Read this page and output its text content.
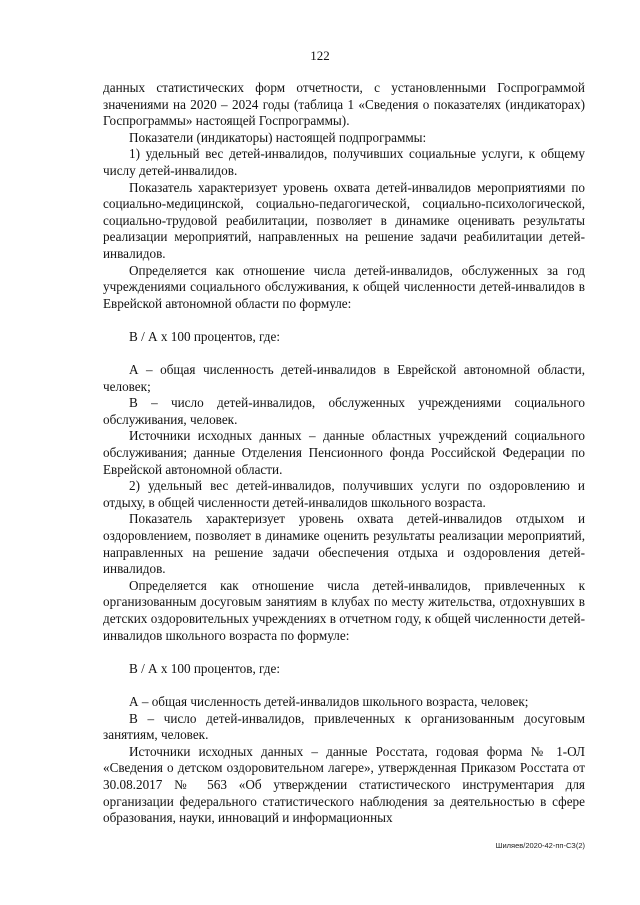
122

данных статистических форм отчетности, с установленными Госпрограммой значениями на 2020 – 2024 годы (таблица 1 «Сведения о показателях (индикаторах) Госпрограммы» настоящей Госпрограммы).

Показатели (индикаторы) настоящей подпрограммы:

1) удельный вес детей-инвалидов, получивших социальные услуги, к общему числу детей-инвалидов.

Показатель характеризует уровень охвата детей-инвалидов мероприятиями по социально-медицинской, социально-педагогической, социально-психологической, социально-трудовой реабилитации, позволяет в динамике оценивать результаты реализации мероприятий, направленных на решение задачи реабилитации детей-инвалидов.

Определяется как отношение числа детей-инвалидов, обслуженных за год учреждениями социального обслуживания, к общей численности детей-инвалидов в Еврейской автономной области по формуле:

В / А х 100 процентов, где:

А – общая численность детей-инвалидов в Еврейской автономной области, человек;

В – число детей-инвалидов, обслуженных учреждениями социального обслуживания, человек.

Источники исходных данных – данные областных учреждений социального обслуживания; данные Отделения Пенсионного фонда Российской Федерации по Еврейской автономной области.

2) удельный вес детей-инвалидов, получивших услуги по оздоровлению и отдыху, в общей численности детей-инвалидов школьного возраста.

Показатель характеризует уровень охвата детей-инвалидов отдыхом и оздоровлением, позволяет в динамике оценить результаты реализации мероприятий, направленных на решение задачи обеспечения отдыха и оздоровления детей-инвалидов.

Определяется как отношение числа детей-инвалидов, привлеченных к организованным досуговым занятиям в клубах по месту жительства, отдохнувших в детских оздоровительных учреждениях в отчетном году, к общей численности детей-инвалидов школьного возраста по формуле:

В / А х 100 процентов, где:

А – общая численность детей-инвалидов школьного возраста, человек;

В – число детей-инвалидов, привлеченных к организованным досуговым занятиям, человек.

Источники исходных данных – данные Росстата, годовая форма № 1-ОЛ «Сведения о детском оздоровительном лагере», утвержденная Приказом Росстата от 30.08.2017 № 563 «Об утверждении статистического инструментария для организации федерального статистического наблюдения за деятельностью в сфере образования, науки, инноваций и информационных

Шиляев/2020-42-пп-СЗ(2)
